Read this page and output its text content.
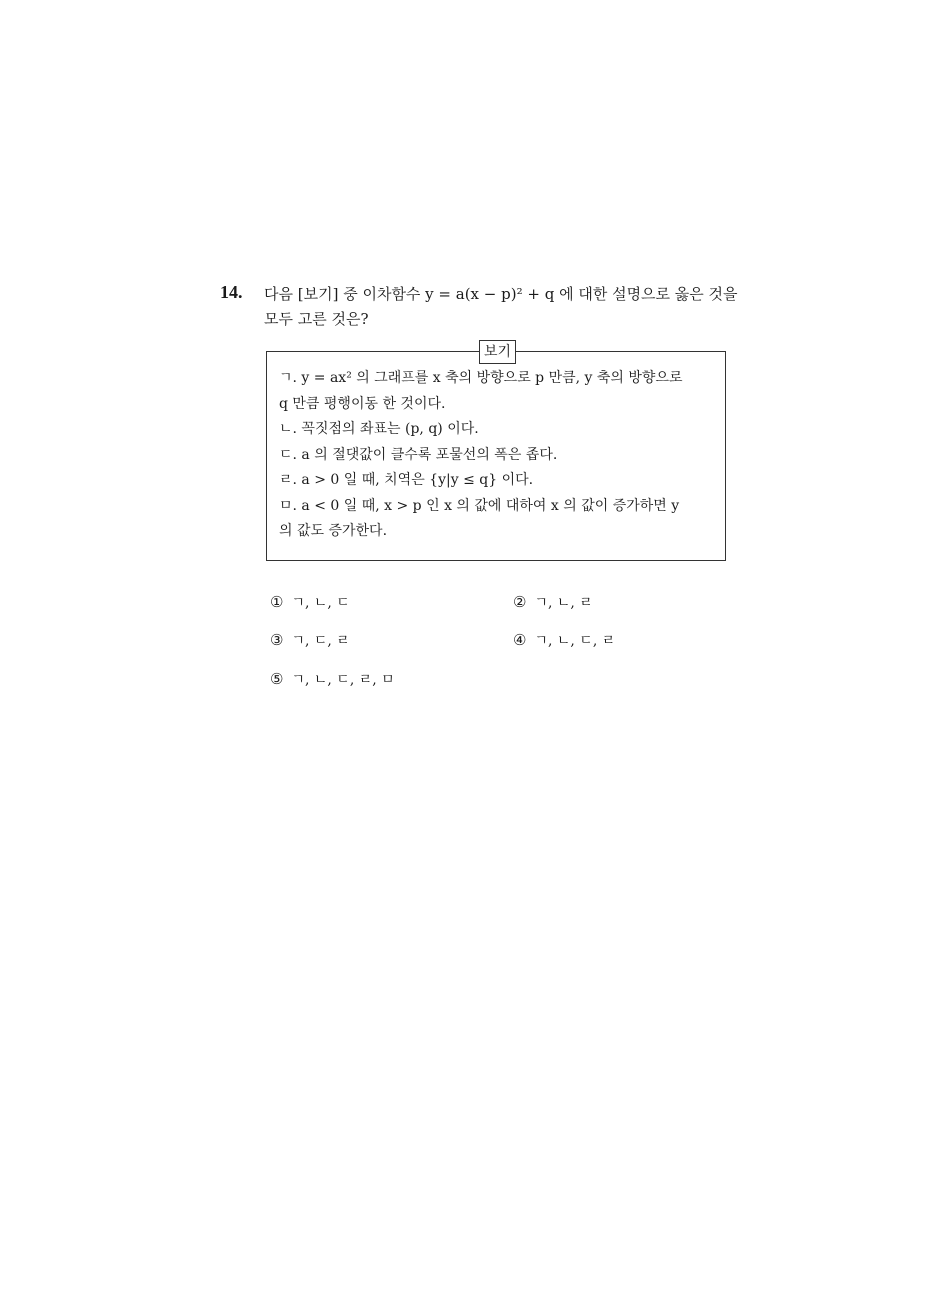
14. 다음 [보기] 중 이차함수 y = a(x − p)² + q 에 대한 설명으로 옳은 것을
모두 고른 것은?
보기
ㄱ. y = ax² 의 그래프를 x 축의 방향으로 p 만큼, y 축의 방향으로
q 만큼 평행이동 한 것이다.
ㄴ. 꼭짓점의 좌표는 (p, q) 이다.
ㄷ. a 의 절댓값이 클수록 포물선의 폭은 좁다.
ㄹ. a > 0 일 때, 치역은 {y|y ≤ q} 이다.
ㅁ. a < 0 일 때, x > p 인 x 의 값에 대하여 x 의 값이 증가하면 y
의 값도 증가한다.
① ㄱ, ㄴ, ㄷ	② ㄱ, ㄴ, ㄹ
③ ㄱ, ㄷ, ㄹ	④ ㄱ, ㄴ, ㄷ, ㄹ
⑤ ㄱ, ㄴ, ㄷ, ㄹ, ㅁ
